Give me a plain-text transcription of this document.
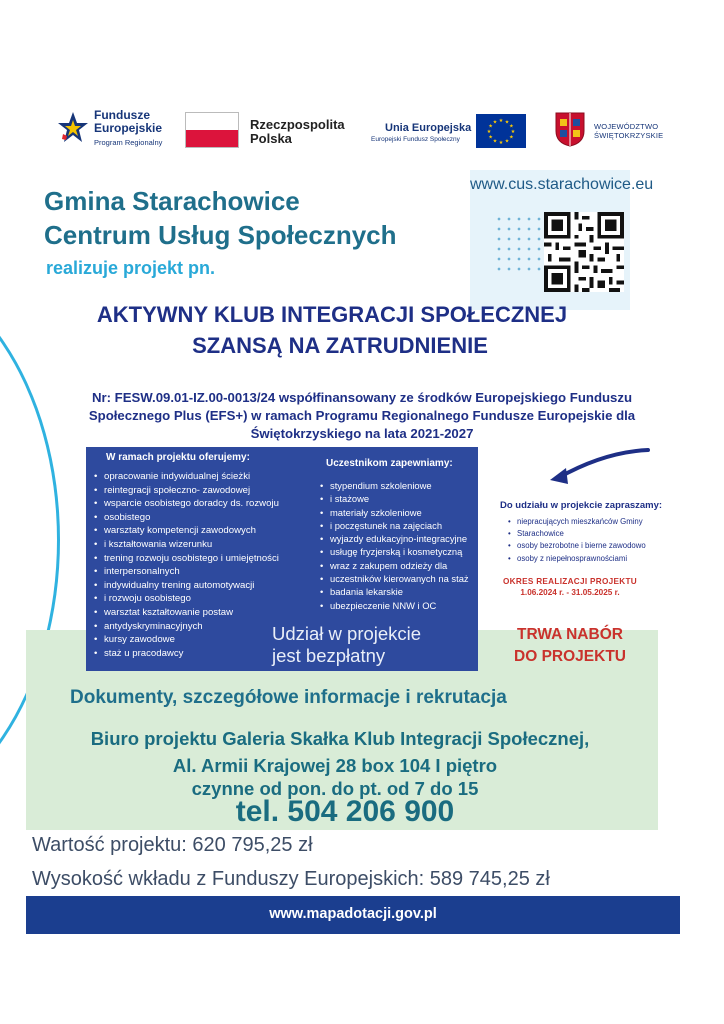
Fundusze
Europejskie
Program Regionalny
Rzeczpospolita
Polska
Unia Europejska
Europejski Fundusz Społeczny
★ ★
★
★
★
★
★
★
★
★
★
★	WOJEWÓDZTWO
ŚWIĘTOKRZYSKIE
Gmina Starachowice
Centrum Usług Społecznych
realizuje projekt pn.
www.cus.starachowice.eu
AKTYWNY KLUB INTEGRACJI SPOŁECZNEJ
SZANSĄ NA ZATRUDNIENIE
Nr: FESW.09.01-IZ.00-0013/24 współfinansowany ze środków Europejskiego Funduszu
Społecznego Plus (EFS+) w ramach Programu Regionalnego Fundusze Europejskie dla
Świętokrzyskiego na lata 2021-2027
W ramach projektu oferujemy:
• opracowanie indywidualnej ścieżki
• reintegracji społeczno- zawodowej
• wsparcie osobistego doradcy ds. rozwoju
• osobistego
• warsztaty kompetencji zawodowych
• i kształtowania wizerunku
• trening rozwoju osobistego i umiejętności
• interpersonalnych
• indywidualny trening automotywacji
• i rozwoju osobistego
• warsztat kształtowanie postaw
• antydyskryminacyjnych
• kursy zawodowe
• staż u pracodawcy
Uczestnikom zapewniamy:
• stypendium szkoleniowe
• i stażowe
• materiały szkoleniowe
• i poczęstunek na zajęciach
• wyjazdy edukacyjno-integracyjne
• usługę fryzjerską i kosmetyczną
• wraz z zakupem odzieży dla
• uczestników kierowanych na staż
• badania lekarskie
• ubezpieczenie NNW i OC
Udział w projekcie
jest bezpłatny
Do udziału w projekcie zapraszamy:
• niepracujących mieszkańców Gminy
• Starachowice
• osoby bezrobotne i bierne zawodowo
• osoby z niepełnosprawnościami
OKRES REALIZACJI PROJEKTU
1.06.2024 r. - 31.05.2025 r.
TRWA NABÓR
DO PROJEKTU
Dokumenty, szczegółowe informacje i rekrutacja
Biuro projektu Galeria Skałka Klub Integracji Społecznej,
Al. Armii Krajowej 28 box 104 I piętro
czynne od pon. do pt. od 7 do 15
tel. 504 206 900
Wartość projektu: 620 795,25 zł
Wysokość wkładu z Funduszy Europejskich: 589 745,25 zł
www.mapadotacji.gov.pl
